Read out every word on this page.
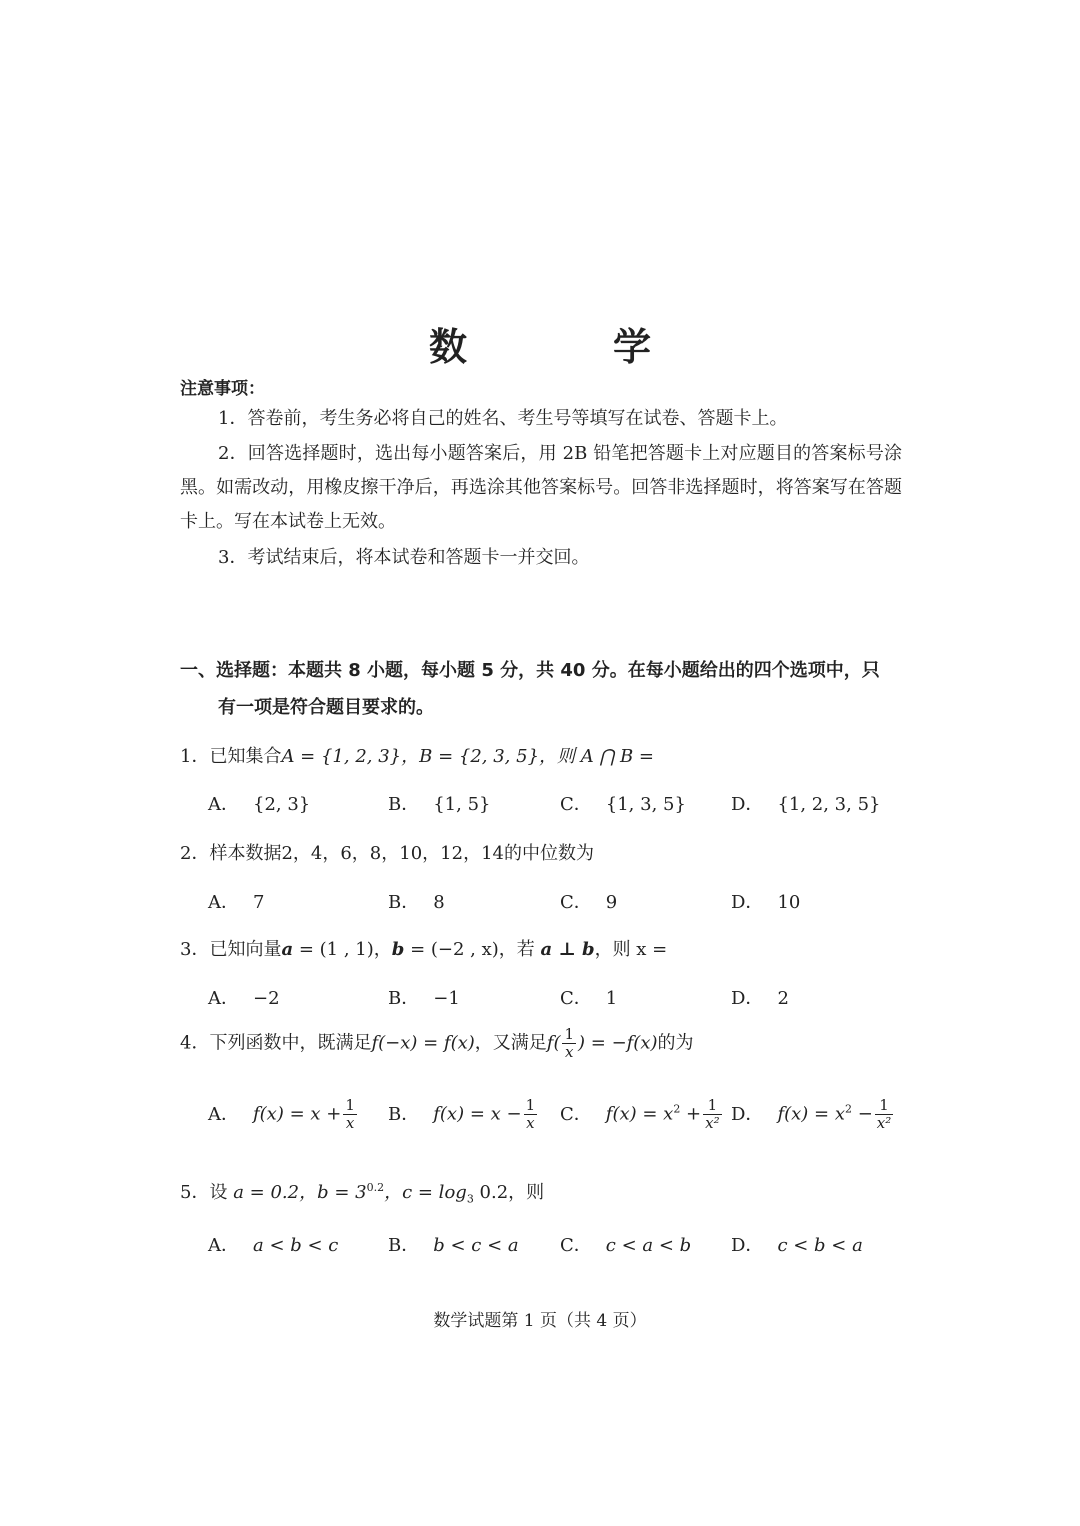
数　学
注意事项：
1．答卷前，考生务必将自己的姓名、考生号等填写在试卷、答题卡上。
2．回答选择题时，选出每小题答案后，用 2B 铅笔把答题卡上对应题目的答案标号涂黑。如需改动，用橡皮擦干净后，再选涂其他答案标号。回答非选择题时，将答案写在答题卡上。写在本试卷上无效。
3．考试结束后，将本试卷和答题卡一并交回。
一、选择题：本题共 8 小题，每小题 5 分，共 40 分。在每小题给出的四个选项中，只
有一项是符合题目要求的。
1．已知集合A = {1, 2, 3}，B = {2, 3, 5}，则 A ⋂ B =
A． {2, 3}	B． {1, 5}	C． {1, 3, 5}	D． {1, 2, 3, 5}
2．样本数据2，4，6，8，10，12，14的中位数为
A． 7	B． 8	C． 9	D． 10
3．已知向量a = (1 , 1)，b = (−2 , x)，若 a ⊥ b，则 x =
A． −2	B． −1	C． 1	D． 2
4．下列函数中，既满足f(−x) = f(x)，又满足$f( \frac{1}{x}$ ) = −f(x)的为
A． $f(x) = x + \frac{1}{x}$ B． $f(x) = x - \frac{1}{x}$ C． $f(x) = x^2 + \frac{1}{\text{x²}}$ D． $f(x) = x^2 - \frac{1}{\text{x²}}$
5．设 a = 0.2，$b = 3^{0.2}$，$c = \log_3 0.2$，则
A． a < b < c	B． b < c < a C． c < a < b D． c < b < a
数学试题第 1 页（共 4 页）
